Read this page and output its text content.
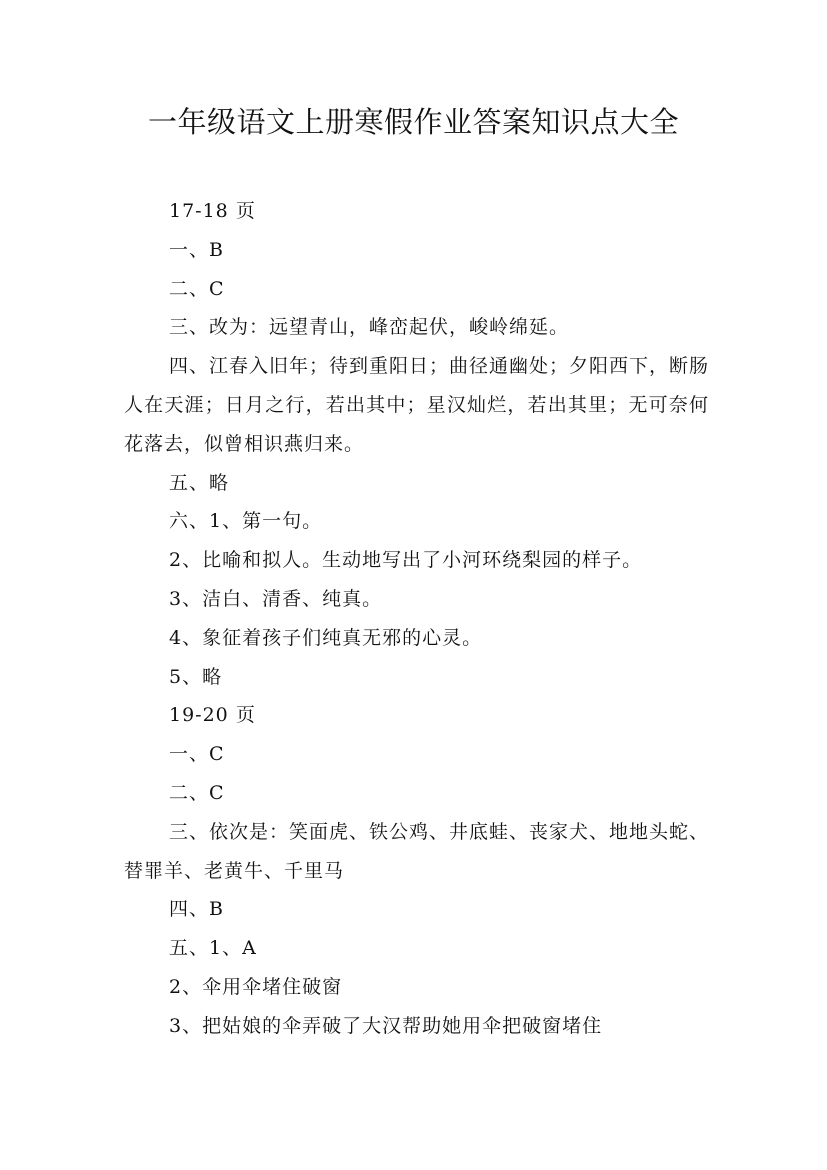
一年级语文上册寒假作业答案知识点大全

17-18 页

一、B

二、C

三、改为：远望青山，峰峦起伏，峻岭绵延。

四、江春入旧年；待到重阳日；曲径通幽处；夕阳西下，断肠人在天涯；日月之行，若出其中；星汉灿烂，若出其里；无可奈何花落去，似曾相识燕归来。

五、略

六、1、第一句。

2、比喻和拟人。生动地写出了小河环绕梨园的样子。

3、洁白、清香、纯真。

4、象征着孩子们纯真无邪的心灵。

5、略

19-20 页

一、C

二、C

三、依次是：笑面虎、铁公鸡、井底蛙、丧家犬、地地头蛇、替罪羊、老黄牛、千里马

四、B

五、1、A

2、伞用伞堵住破窗

3、把姑娘的伞弄破了大汉帮助她用伞把破窗堵住
